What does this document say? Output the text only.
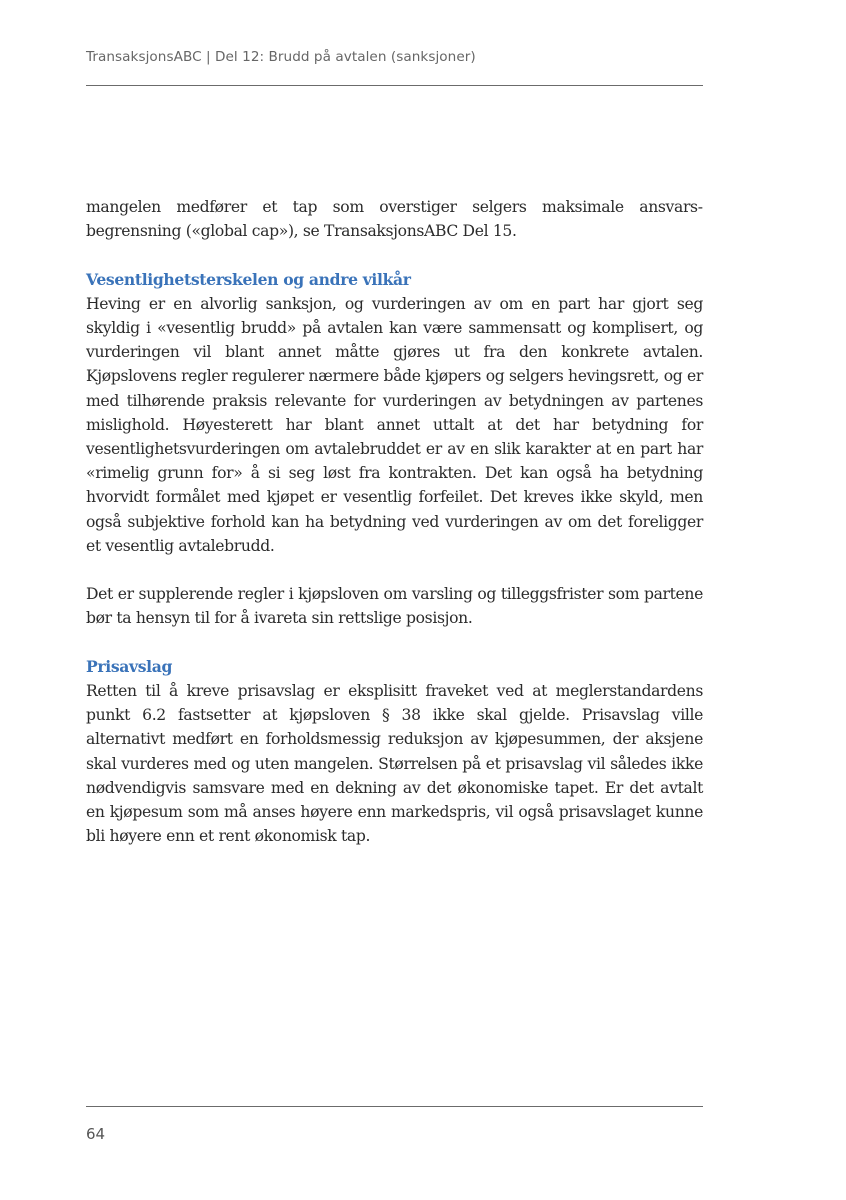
TransaksjonsABC | Del 12: Brudd på avtalen (sanksjoner)

mangelen medfører et tap som overstiger selgers maksimale ansvarsbegrensning («global cap»), se TransaksjonsABC Del 15.

Vesentlighetsterskelen og andre vilkår

Heving er en alvorlig sanksjon, og vurderingen av om en part har gjort seg skyldig i «vesentlig brudd» på avtalen kan være sammensatt og komplisert, og vurderingen vil blant annet måtte gjøres ut fra den konkrete avtalen. Kjøpslovens regler regulerer nærmere både kjøpers og selgers hevingsrett, og er med tilhørende praksis relevante for vurderingen av betydningen av partenes mislighold. Høyesterett har blant annet uttalt at det har betydning for vesentlighetsvurderingen om avtalebruddet er av en slik karakter at en part har «rimelig grunn for» å si seg løst fra kontrakten. Det kan også ha betydning hvorvidt formålet med kjøpet er vesentlig forfeilet. Det kreves ikke skyld, men også subjektive forhold kan ha betydning ved vurderingen av om det foreligger et vesentlig avtalebrudd.

Det er supplerende regler i kjøpsloven om varsling og tilleggsfrister som partene bør ta hensyn til for å ivareta sin rettslige posisjon.

Prisavslag

Retten til å kreve prisavslag er eksplisitt fraveket ved at meglerstandardens punkt 6.2 fastsetter at kjøpsloven § 38 ikke skal gjelde. Prisavslag ville alternativt medført en forholdsmessig reduksjon av kjøpesummen, der aksjene skal vurderes med og uten mangelen. Størrelsen på et prisavslag vil således ikke nødvendigvis samsvare med en dekning av det økonomiske tapet. Er det avtalt en kjøpesum som må anses høyere enn markedspris, vil også prisavslaget kunne bli høyere enn et rent økonomisk tap.

64
